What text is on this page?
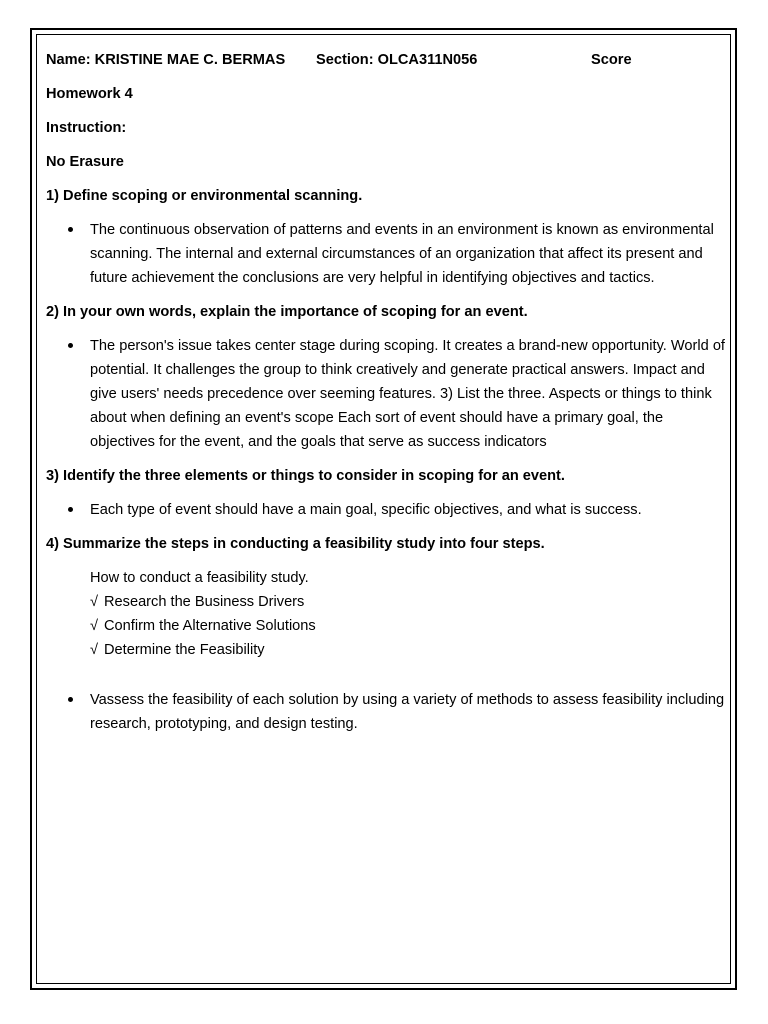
Name: KRISTINE MAE C. BERMAS Section: OLCA311N056	Score
Homework 4
Instruction:
No Erasure
1) Define scoping or environmental scanning.
The continuous observation of patterns and events in an environment is known as environmental scanning. The internal and external circumstances of an organization that affect its present and future achievement the conclusions are very helpful in identifying objectives and tactics.
2) In your own words, explain the importance of scoping for an event.
The person's issue takes center stage during scoping. It creates a brand-new opportunity. World of potential. It challenges the group to think creatively and generate practical answers. Impact and give users' needs precedence over seeming features. 3) List the three. Aspects or things to think about when defining an event's scope Each sort of event should have a primary goal, the objectives for the event, and the goals that serve as success indicators
3) Identify the three elements or things to consider in scoping for an event.
Each type of event should have a main goal, specific objectives, and what is success.
4) Summarize the steps in conducting a feasibility study into four steps.
How to conduct a feasibility study.
√ Research the Business Drivers
√ Confirm the Alternative Solutions
√ Determine the Feasibility
Vassess the feasibility of each solution by using a variety of methods to assess feasibility including research, prototyping, and design testing.
